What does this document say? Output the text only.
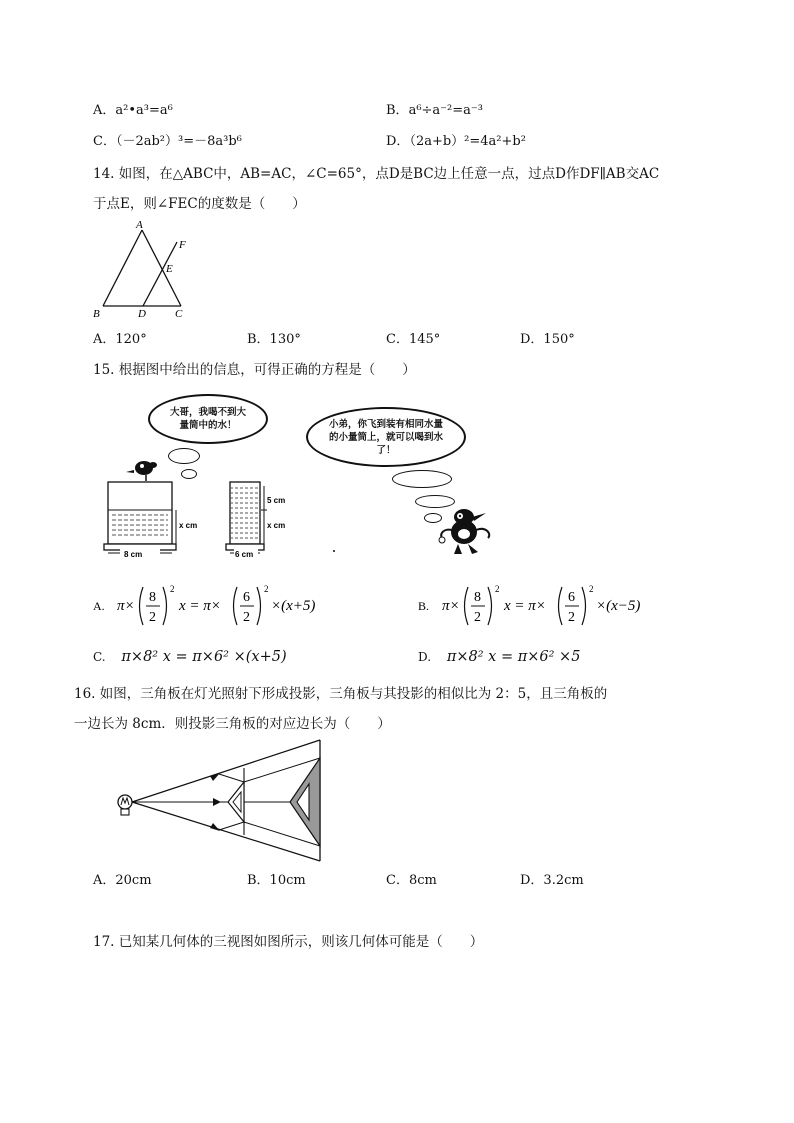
A．a²•a³=a⁶	B．a⁶÷a⁻²=a⁻³
C．（－2ab²）³=－8a³b⁶	D．（2a+b）²=4a²+b²
14. 如图，在△ABC中，AB=AC，∠C=65°，点D是BC边上任意一点，过点D作DF∥AB交AC
于点E，则∠FEC的度数是（　　）
A
B	D	C
E
F
A．120°	B．130°	C．145°	D．150°
15. 根据图中给出的信息，可得正确的方程是（　　）
大哥，我喝不到大量筒中的水！	小弟，你飞到装有相同水量的小量筒上，就可以喝到水了！
x cm
8 cm
5 cm
x cm
6 cm
A. π×
8
2
2
x = π×
6
2
2
×(x+5)	B. π×
8
2
2
x = π×
6
2
2
×(x−5)
C. π×8² x = π×6² ×(x+5)	D. π×8² x = π×6² ×5
16. 如图，三角板在灯光照射下形成投影，三角板与其投影的相似比为 2：5，且三角板的
一边长为 8cm．则投影三角板的对应边长为（　　）
A．20cm	B．10cm	C．8cm	D．3.2cm
17. 已知某几何体的三视图如图所示，则该几何体可能是（　　）
